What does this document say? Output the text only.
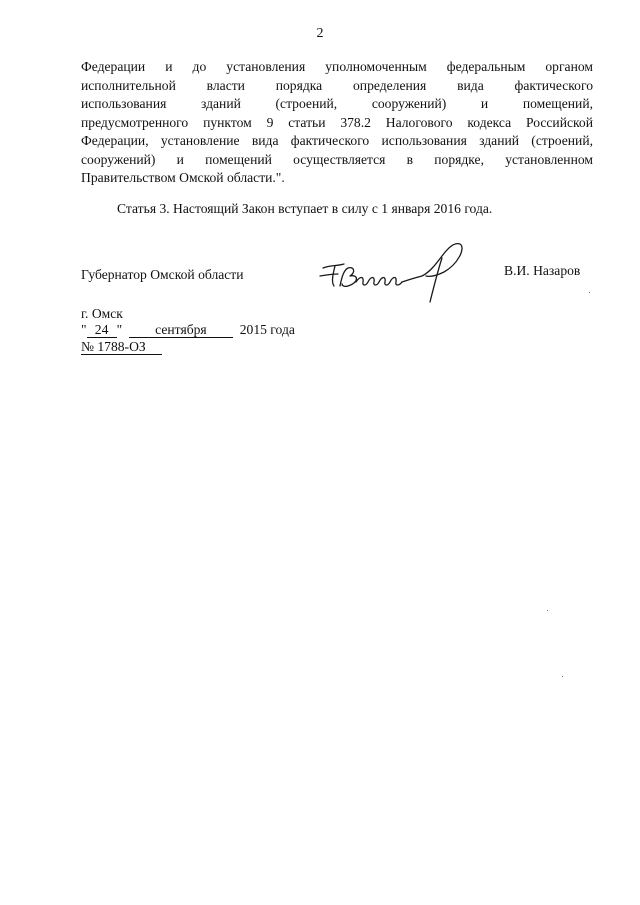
2
Федерации и до установления уполномоченным федеральным органом
исполнительной власти порядка определения вида фактического
использования зданий (строений, сооружений) и помещений,
предусмотренного пунктом 9 статьи 378.2 Налогового кодекса Российской
Федерации, установление вида фактического использования зданий (строений,
сооружений) и помещений осуществляется в порядке, установленном
Правительством Омской области.".
Статья 3. Настоящий Закон вступает в силу с 1 января 2016 года.
Губернатор Омской области	В.И. Назаров
г. Омск
" 24 " сентября 2015 года
№ 1788-ОЗ
